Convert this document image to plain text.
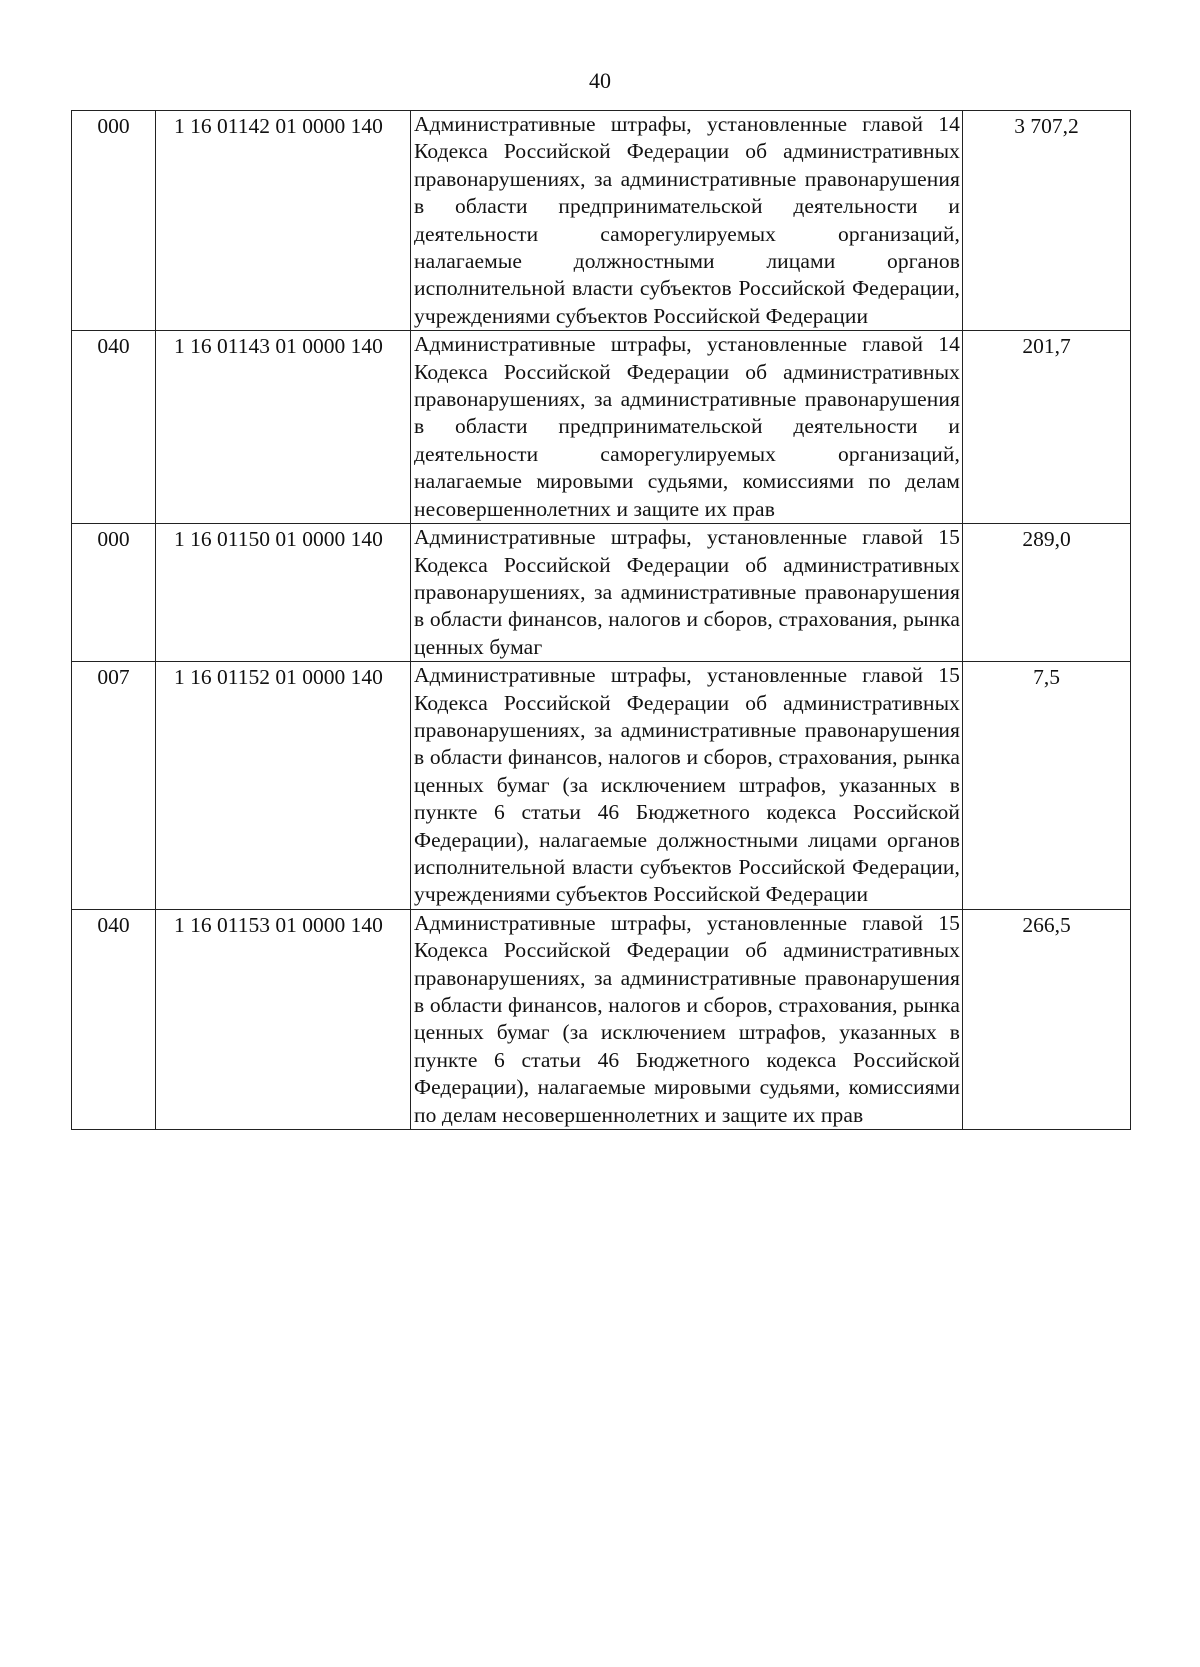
40
000	1 16 01142 01 0000 140	Административные штрафы, установленные главой 14 Кодекса Российской Федерации об административных правонарушениях, за административные правонарушения в области предпринимательской деятельности и деятельности саморегулируемых организаций, налагаемые должностными лицами органов исполнительной власти субъектов Российской Федерации, учреждениями субъектов Российской Федерации	3 707,2
040	1 16 01143 01 0000 140	Административные штрафы, установленные главой 14 Кодекса Российской Федерации об административных правонарушениях, за административные правонарушения в области предпринимательской деятельности и деятельности саморегулируемых организаций, налагаемые мировыми судьями, комиссиями по делам несовершеннолетних и защите их прав	201,7
000	1 16 01150 01 0000 140	Административные штрафы, установленные главой 15 Кодекса Российской Федерации об административных правонарушениях, за административные правонарушения в области финансов, налогов и сборов, страхования, рынка ценных бумаг	289,0
007	1 16 01152 01 0000 140	Административные штрафы, установленные главой 15 Кодекса Российской Федерации об административных правонарушениях, за административные правонарушения в области финансов, налогов и сборов, страхования, рынка ценных бумаг (за исключением штрафов, указанных в пункте 6 статьи 46 Бюджетного кодекса Российской Федерации), налагаемые должностными лицами органов исполнительной власти субъектов Российской Федерации, учреждениями субъектов Российской Федерации	7,5
040	1 16 01153 01 0000 140	Административные штрафы, установленные главой 15 Кодекса Российской Федерации об административных правонарушениях, за административные правонарушения в области финансов, налогов и сборов, страхования, рынка ценных бумаг (за исключением штрафов, указанных в пункте 6 статьи 46 Бюджетного кодекса Российской Федерации), налагаемые мировыми судьями, комиссиями по делам несовершеннолетних и защите их прав	266,5
